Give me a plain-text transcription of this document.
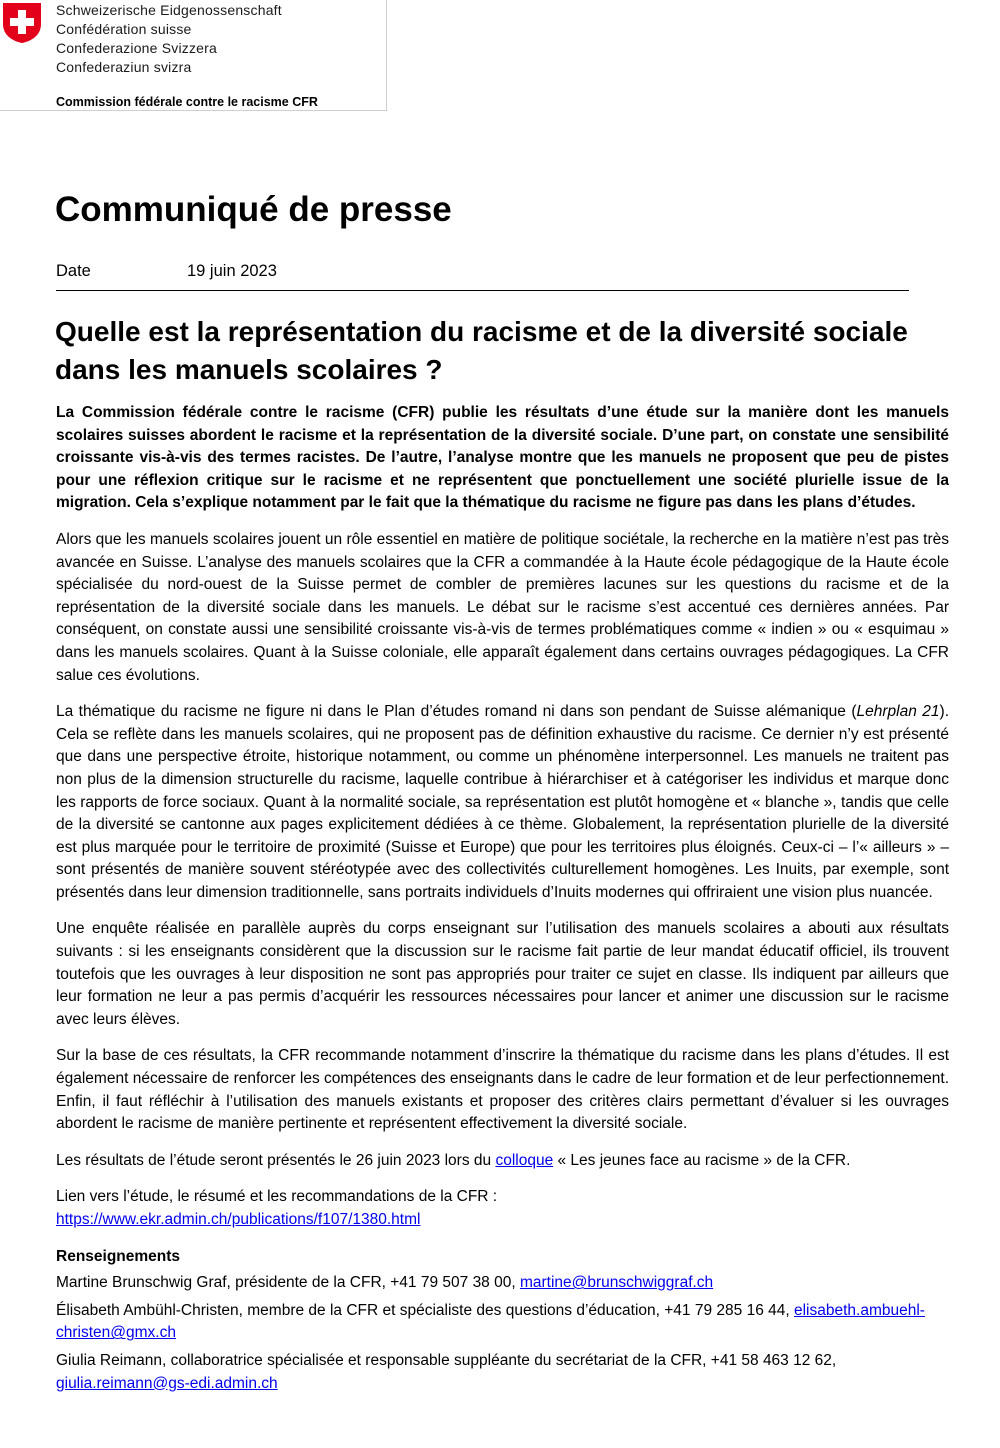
Schweizerische Eidgenossenschaft
Confédération suisse
Confederazione Svizzera
Confederaziun svizra
Commission fédérale contre le racisme CFR
Communiqué de presse
Date	19 juin 2023
Quelle est la représentation du racisme et de la diversité sociale dans les manuels scolaires ?

La Commission fédérale contre le racisme (CFR) publie les résultats d’une étude sur la manière dont les manuels scolaires suisses abordent le racisme et la représentation de la diversité sociale. D’une part, on constate une sensibilité croissante vis-à-vis des termes racistes. De l’autre, l’analyse montre que les manuels ne proposent que peu de pistes pour une réflexion critique sur le racisme et ne représentent que ponctuellement une société plurielle issue de la migration. Cela s’explique notamment par le fait que la thématique du racisme ne figure pas dans les plans d’études.

Alors que les manuels scolaires jouent un rôle essentiel en matière de politique sociétale, la recherche en la matière n’est pas très avancée en Suisse. L’analyse des manuels scolaires que la CFR a commandée à la Haute école pédagogique de la Haute école spécialisée du nord-ouest de la Suisse permet de combler de premières lacunes sur les questions du racisme et de la représentation de la diversité sociale dans les manuels. Le débat sur le racisme s’est accentué ces dernières années. Par conséquent, on constate aussi une sensibilité croissante vis-à-vis de termes problématiques comme « indien » ou « esquimau » dans les manuels scolaires. Quant à la Suisse coloniale, elle apparaît également dans certains ouvrages pédagogiques. La CFR salue ces évolutions.

La thématique du racisme ne figure ni dans le Plan d’études romand ni dans son pendant de Suisse alémanique (Lehrplan 21). Cela se reflète dans les manuels scolaires, qui ne proposent pas de définition exhaustive du racisme. Ce dernier n’y est présenté que dans une perspective étroite, historique notamment, ou comme un phénomène interpersonnel. Les manuels ne traitent pas non plus de la dimension structurelle du racisme, laquelle contribue à hiérarchiser et à catégoriser les individus et marque donc les rapports de force sociaux. Quant à la normalité sociale, sa représentation est plutôt homogène et « blanche », tandis que celle de la diversité se cantonne aux pages explicitement dédiées à ce thème. Globalement, la représentation plurielle de la diversité est plus marquée pour le territoire de proximité (Suisse et Europe) que pour les territoires plus éloignés. Ceux-ci – l’« ailleurs » – sont présentés de manière souvent stéréotypée avec des collectivités culturellement homogènes. Les Inuits, par exemple, sont présentés dans leur dimension traditionnelle, sans portraits individuels d’Inuits modernes qui offriraient une vision plus nuancée.

Une enquête réalisée en parallèle auprès du corps enseignant sur l’utilisation des manuels scolaires a abouti aux résultats suivants : si les enseignants considèrent que la discussion sur le racisme fait partie de leur mandat éducatif officiel, ils trouvent toutefois que les ouvrages à leur disposition ne sont pas appropriés pour traiter ce sujet en classe. Ils indiquent par ailleurs que leur formation ne leur a pas permis d’acquérir les ressources nécessaires pour lancer et animer une discussion sur le racisme avec leurs élèves.

Sur la base de ces résultats, la CFR recommande notamment d’inscrire la thématique du racisme dans les plans d’études. Il est également nécessaire de renforcer les compétences des enseignants dans le cadre de leur formation et de leur perfectionnement. Enfin, il faut réfléchir à l’utilisation des manuels existants et proposer des critères clairs permettant d’évaluer si les ouvrages abordent le racisme de manière pertinente et représentent effectivement la diversité sociale.

Les résultats de l’étude seront présentés le 26 juin 2023 lors du colloque « Les jeunes face au racisme » de la CFR.

Lien vers l’étude, le résumé et les recommandations de la CFR :
https://www.ekr.admin.ch/publications/f107/1380.html

Renseignements
Martine Brunschwig Graf, présidente de la CFR, +41 79 507 38 00, martine@brunschwiggraf.ch
Élisabeth Ambühl-Christen, membre de la CFR et spécialiste des questions d’éducation, +41 79 285 16 44, elisabeth.ambuehl-christen@gmx.ch
Giulia Reimann, collaboratrice spécialisée et responsable suppléante du secrétariat de la CFR, +41 58 463 12 62, giulia.reimann@gs-edi.admin.ch
